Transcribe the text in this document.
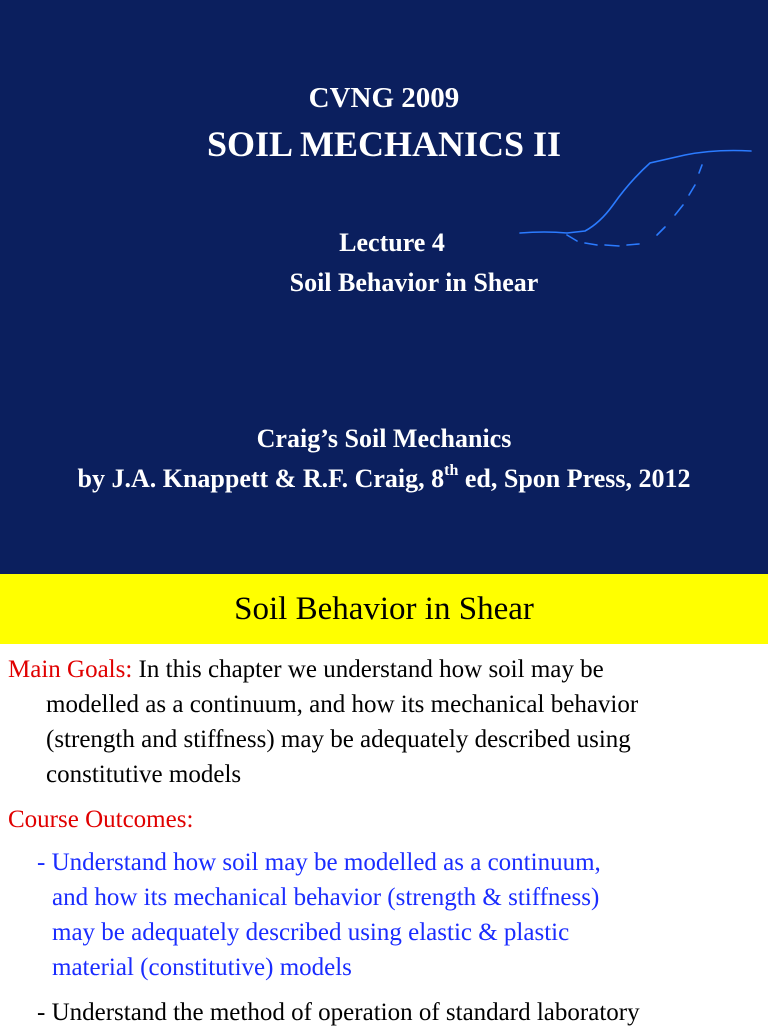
CVNG 2009
SOIL MECHANICS II
Lecture 4
Soil Behavior in Shear
Craig’s Soil Mechanics
by J.A. Knappett & R.F. Craig, 8th ed, Spon Press, 2012
Soil Behavior in Shear
Main Goals: In this chapter we understand how soil may be
modelled as a continuum, and how its mechanical behavior
(strength and stiffness) may be adequately described using
constitutive models
Course Outcomes:
- Understand how soil may be modelled as a continuum,
and how its mechanical behavior (strength & stiffness)
may be adequately described using elastic & plastic
material (constitutive) models
- Understand the method of operation of standard laboratory
